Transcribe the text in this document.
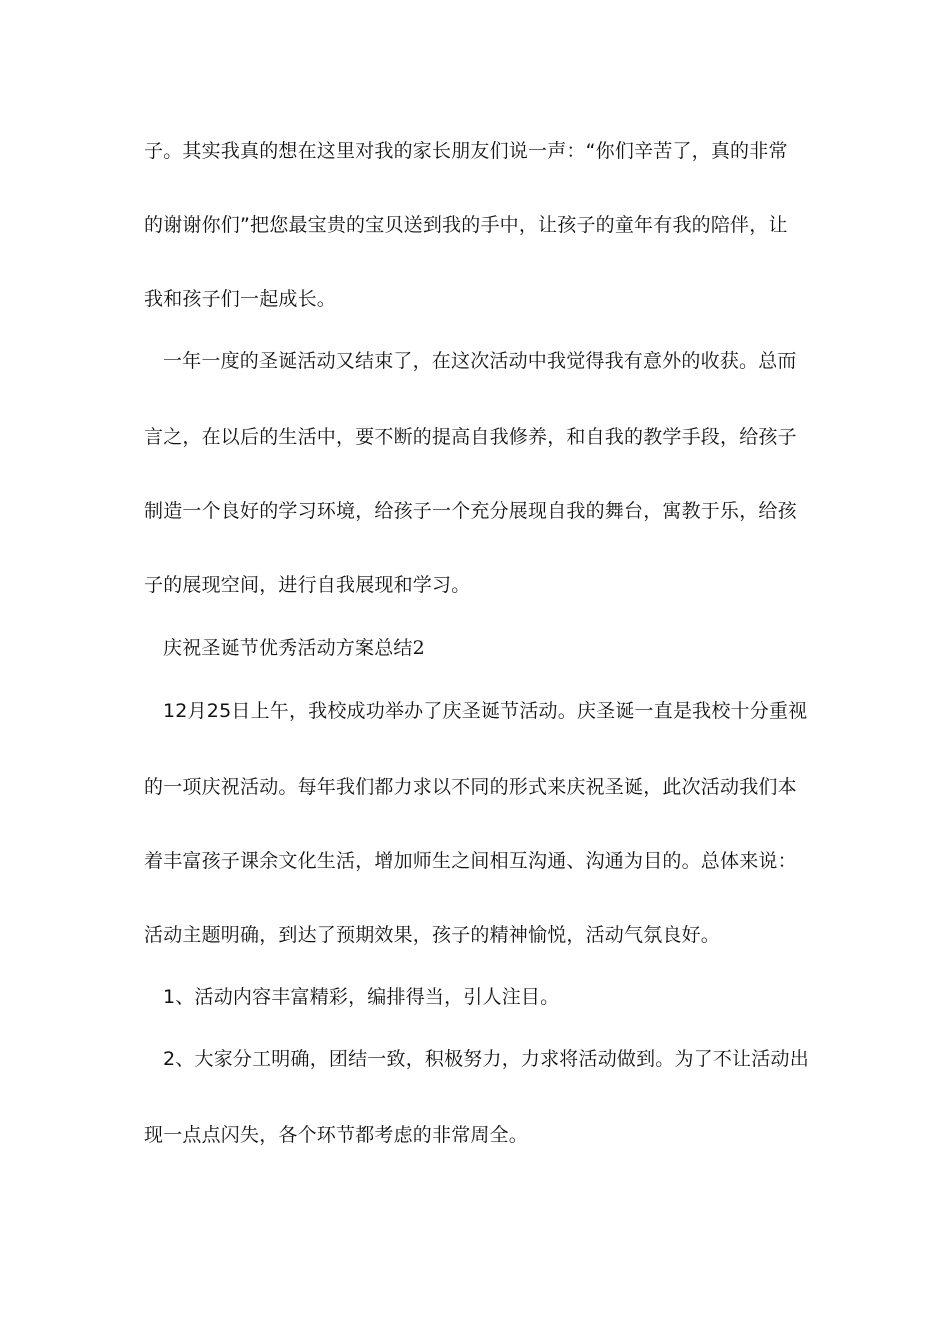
子。其实我真的想在这里对我的家长朋友们说一声：“你们辛苦了，真的非常
的谢谢你们”把您最宝贵的宝贝送到我的手中，让孩子的童年有我的陪伴，让
我和孩子们一起成长。
一年一度的圣诞活动又结束了，在这次活动中我觉得我有意外的收获。总而
言之，在以后的生活中，要不断的提高自我修养，和自我的教学手段，给孩子
制造一个良好的学习环境，给孩子一个充分展现自我的舞台，寓教于乐，给孩
子的展现空间，进行自我展现和学习。
庆祝圣诞节优秀活动方案总结2
12月25日上午，我校成功举办了庆圣诞节活动。庆圣诞一直是我校十分重视
的一项庆祝活动。每年我们都力求以不同的形式来庆祝圣诞，此次活动我们本
着丰富孩子课余文化生活，增加师生之间相互沟通、沟通为目的。总体来说：
活动主题明确，到达了预期效果，孩子的精神愉悦，活动气氛良好。
1、活动内容丰富精彩，编排得当，引人注目。
2、大家分工明确，团结一致，积极努力，力求将活动做到。为了不让活动出
现一点点闪失，各个环节都考虑的非常周全。
